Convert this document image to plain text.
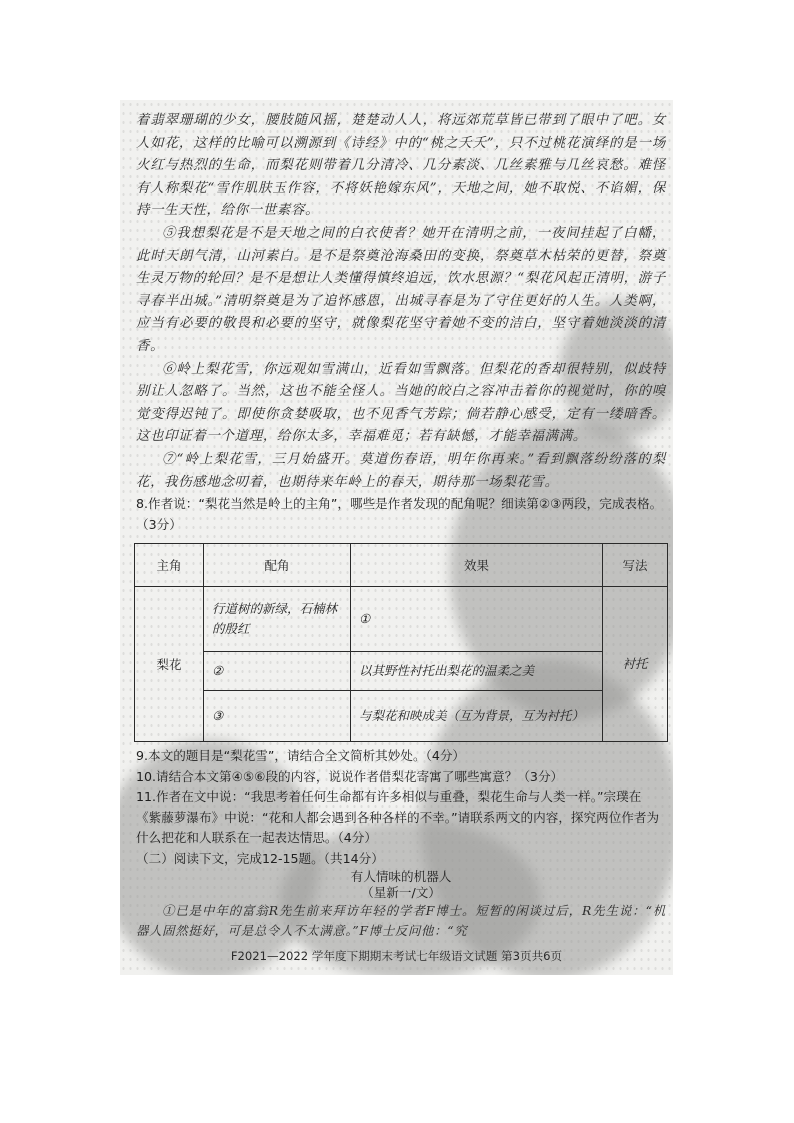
着翡翠珊瑚的少女，腰肢随风摇，楚楚动人人，将远郊荒草皆已带到了眼中了吧。女人如花，这样的比喻可以溯源到《诗经》中的“桃之夭夭”，只不过桃花演绎的是一场火红与热烈的生命，而梨花则带着几分清冷、几分素淡、几丝素雅与几丝哀愁。难怪有人称梨花“雪作肌肤玉作容，不将妖艳嫁东风”，天地之间，她不取悦、不谄媚，保持一生天性，给你一世素容。

⑤我想梨花是不是天地之间的白衣使者？她开在清明之前，一夜间挂起了白幡，此时天朗气清，山河素白。是不是祭奠沧海桑田的变换，祭奠草木枯荣的更替，祭奠生灵万物的轮回？是不是想让人类懂得慎终追远，饮水思源？“梨花风起正清明，游子寻春半出城。”清明祭奠是为了追怀感恩，出城寻春是为了守住更好的人生。人类啊，应当有必要的敬畏和必要的坚守，就像梨花坚守着她不变的洁白，坚守着她淡淡的清香。

⑥岭上梨花雪，你远观如雪满山，近看如雪飘落。但梨花的香却很特别，似歧特别让人忽略了。当然，这也不能全怪人。当她的皎白之容冲击着你的视觉时，你的嗅觉变得迟钝了。即使你贪婪吸取，也不见香气芳踪；倘若静心感受，定有一缕暗香。这也印证着一个道理，给你太多，幸福难觅；若有缺憾，才能幸福满满。

⑦“岭上梨花雪，三月始盛开。莫道伤春语，明年你再来。”看到飘落纷纷落的梨花，我伤感地念叨着，也期待来年岭上的春天，期待那一场梨花雪。

8.作者说：“梨花当然是岭上的主角”，哪些是作者发现的配角呢？细读第②③两段，完成表格。（3分）

主角	配角	效果	写法
梨花	行道树的新绿，石楠林的殷红	①	衬托
	②	以其野性衬托出梨花的温柔之美	
	③	与梨花和映成美（互为背景，互为衬托）	

9.本文的题目是“梨花雪”，请结合全文简析其妙处。（4分）

10.请结合本文第④⑤⑥段的内容，说说作者借梨花寄寓了哪些寓意？（3分）

11.作者在文中说：“我思考着任何生命都有许多相似与重叠，梨花生命与人类一样。”宗璞在《紫藤萝瀑布》中说：“花和人都会遇到各种各样的不幸。”请联系两文的内容，探究两位作者为什么把花和人联系在一起表达情思。（4分）

（二）阅读下文，完成12-15题。（共14分）

有人情味的机器人

（星新一/文）

①已是中年的富翁R先生前来拜访年轻的学者F博士。短暂的闲谈过后，R先生说：“机器人固然挺好，可是总令人不太满意。”F博士反问他：“究

F2021—2022 学年度下期期末考试七年级语文试题 第3页共6页
